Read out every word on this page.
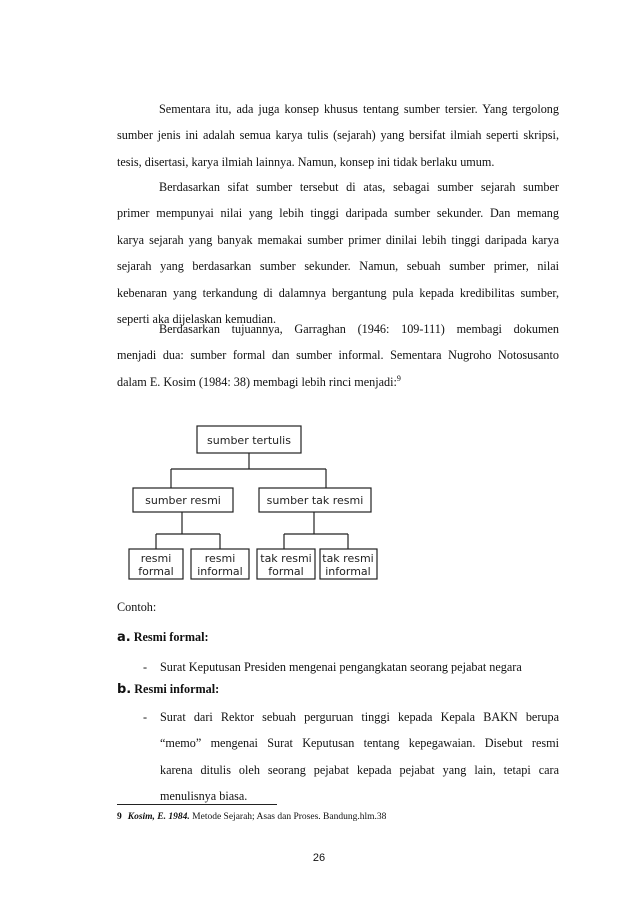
Sementara itu, ada juga konsep khusus tentang sumber tersier. Yang tergolong
sumber jenis ini adalah semua karya tulis (sejarah) yang bersifat ilmiah seperti skripsi,
tesis, disertasi, karya ilmiah lainnya. Namun, konsep ini tidak berlaku umum.
Berdasarkan sifat sumber tersebut di atas, sebagai sumber sejarah sumber
primer mempunyai nilai yang lebih tinggi daripada sumber sekunder. Dan memang
karya sejarah yang banyak memakai sumber primer dinilai lebih tinggi daripada karya
sejarah yang berdasarkan sumber sekunder. Namun, sebuah sumber primer, nilai
kebenaran yang terkandung di dalamnya bergantung pula kepada kredibilitas sumber,
seperti aka dijelaskan kemudian.
Berdasarkan tujuannya, Garraghan (1946: 109-111) membagi dokumen
menjadi dua: sumber formal dan sumber informal. Sementara Nugroho Notosusanto
dalam E. Kosim (1984: 38) membagi lebih rinci menjadi:$^9$
sumber tertulis
sumber resmi	sumber tak resmi
resmi
formal
resmi
informal
tak resmi
formal
tak resmi
informal
Contoh:
a. Resmi formal:
- Surat Keputusan Presiden mengenai pengangkatan seorang pejabat negara
b. Resmi informal:
- Surat dari Rektor sebuah perguruan tinggi kepada Kepala BAKN berupa
“memo” mengenai Surat Keputusan tentang kepegawaian. Disebut resmi
karena ditulis oleh seorang pejabat kepada pejabat yang lain, tetapi cara
menulisnya biasa.
9 Kosim, E. 1984. Metode Sejarah; Asas dan Proses. Bandung.hlm.38
26
